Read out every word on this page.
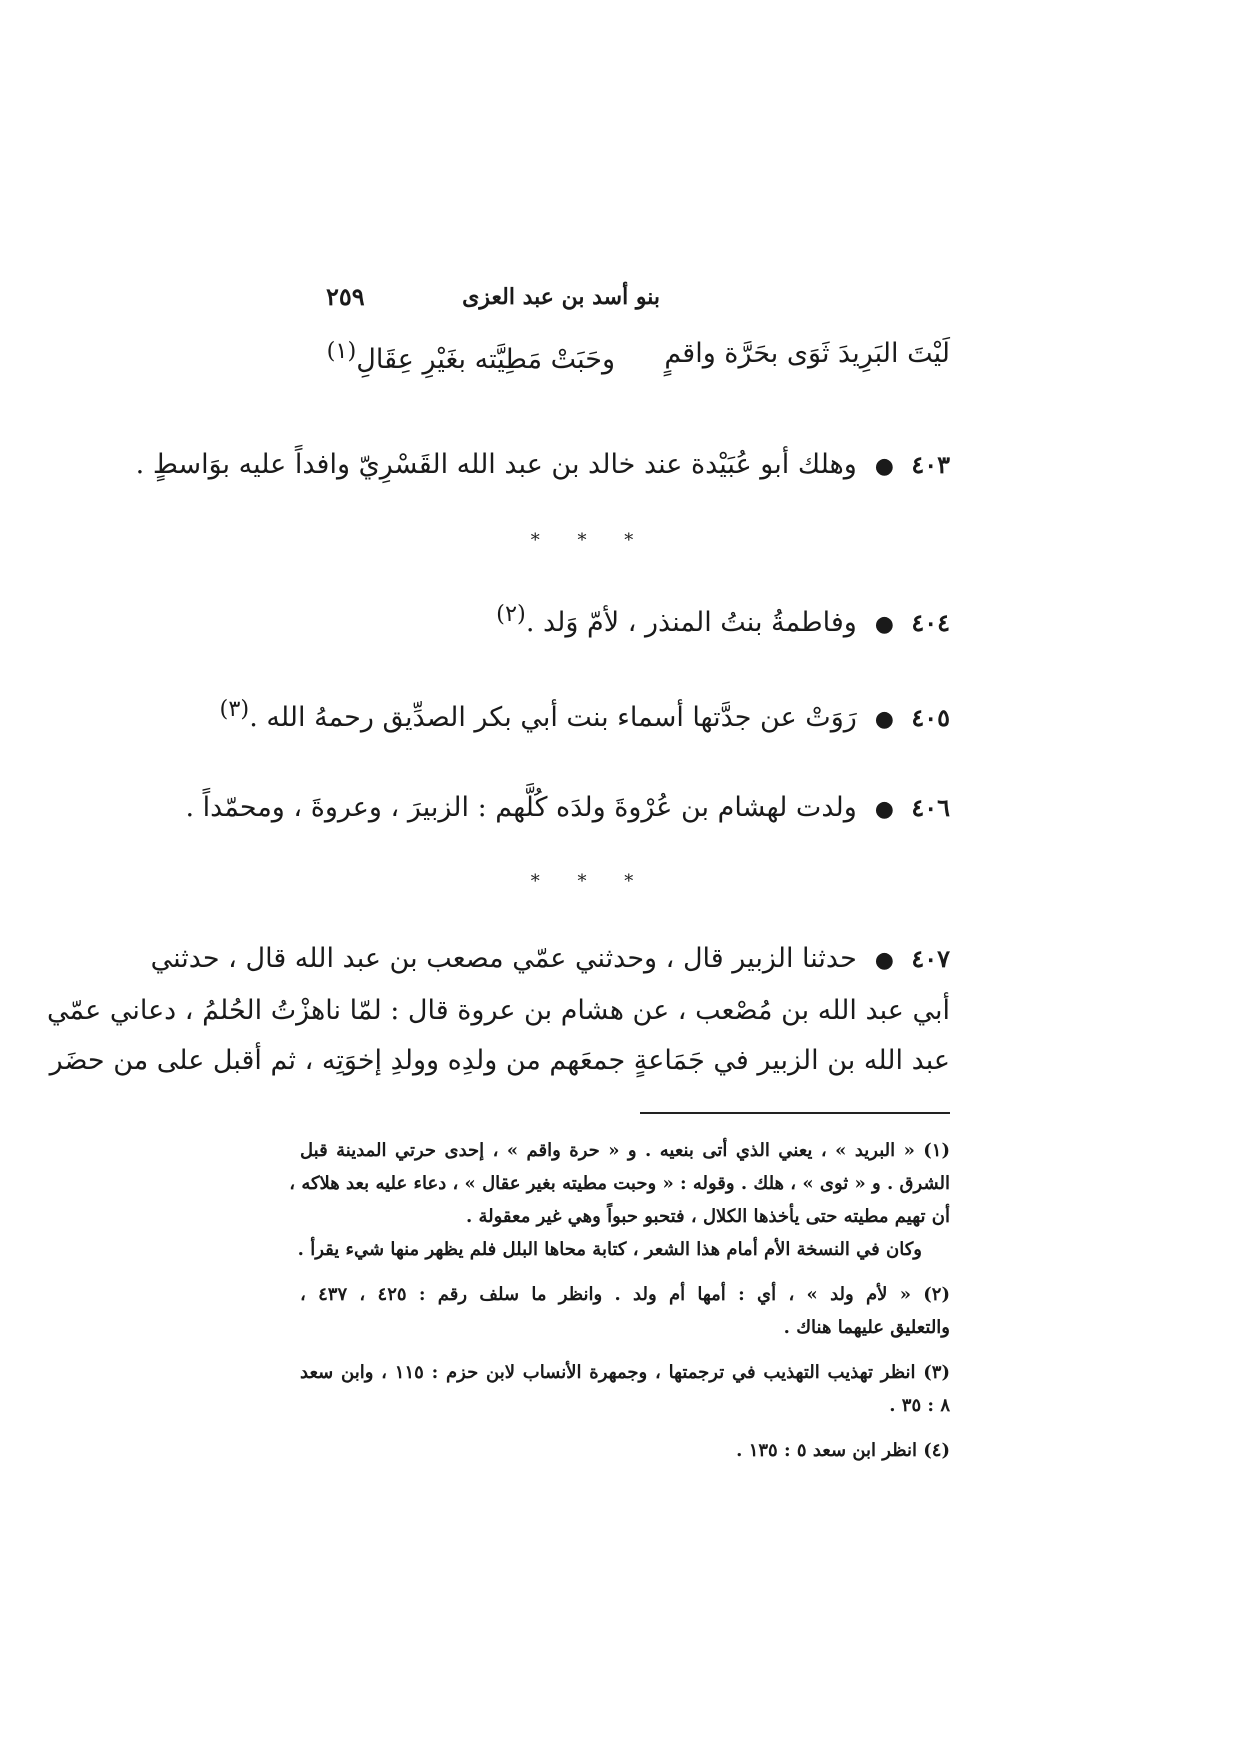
بنو أسد بن عبد العزى
٢٥٩
لَيْتَ البَرِيدَ ثَوَى بحَرَّة واقمٍ
وحَبَتْ مَطِيَّته بغَيْرِ عِقَالِ$^{(١)}$
٤٠٣●وهلك أبو عُبَيْدة عند خالد بن عبد الله القَسْرِيّ وافداً عليه بوَاسطٍ .
* * *
٤٠٤●وفاطمةُ بنتُ المنذر ، لأمّ وَلد .$^{(٢)}$
٤٠٥●رَوَتْ عن جدَّتها أسماء بنت أبي بكر الصدِّيق رحمهُ الله .$^{(٣)}$
٤٠٦●ولدت لهشام بن عُرْوةَ ولدَه كُلَّهم : الزبيرَ ، وعروةَ ، ومحمّداً .
* * *
٤٠٧●حدثنا الزبير قال ، وحدثني عمّي مصعب بن عبد الله قال ، حدثني
أبي عبد الله بن مُصْعب ، عن هشام بن عروة قال : لمّا ناهزْتُ الحُلمُ ، دعاني عمّي
عبد الله بن الزبير في جَمَاعةٍ جمعَهم من ولدِه وولدِ إخوَتِه ، ثم أقبل على من حضَر
(١) « البريد » ، يعني الذي أتى بنعيه . و « حرة واقم » ، إحدى حرتي المدينة قبل
الشرق . و « ثوى » ، هلك . وقوله : « وحبت مطيته بغير عقال » ، دعاء عليه بعد هلاكه ،
أن تهيم مطيته حتى يأخذها الكلال ، فتحبو حبواً وهي غير معقولة .
وكان في النسخة الأم أمام هذا الشعر ، كتابة محاها البلل فلم يظهر منها شيء يقرأ .
(٢) « لأم ولد » ، أي : أمها أم ولد . وانظر ما سلف رقم : ٤٢٥ ، ٤٣٧ ،
والتعليق عليهما هناك .
(٣) انظر تهذيب التهذيب في ترجمتها ، وجمهرة الأنساب لابن حزم : ١١٥ ، وابن سعد
٨ : ٣٥ .
(٤) انظر ابن سعد ٥ : ١٣٥ .
